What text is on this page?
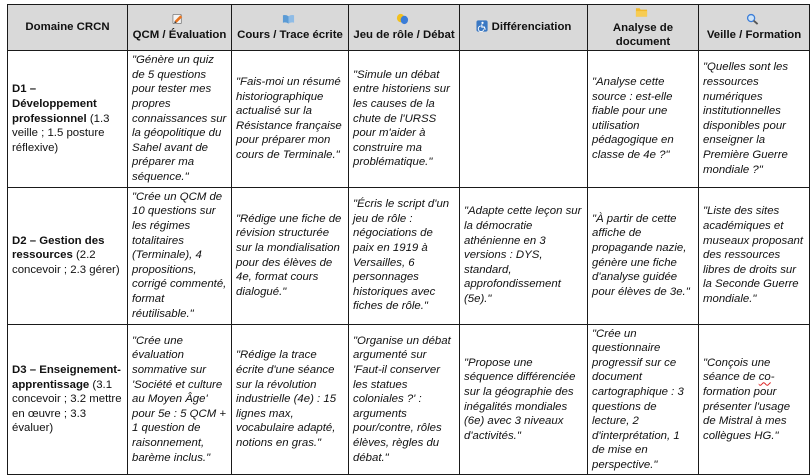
Domaine CRCN	QCM / Évaluation	Cours / Trace écrite	Jeu de rôle / Débat	Différenciation	Analyse de document	Veille / Formation
D1 – Développement professionnel (1.3 veille ; 1.5 posture réflexive)	"Génère un quiz de 5 questions pour tester mes propres connaissances sur la géopolitique du Sahel avant de préparer ma séquence."	"Fais-moi un résumé historiographique actualisé sur la Résistance française pour préparer mon cours de Terminale."	"Simule un débat entre historiens sur les causes de la chute de l'URSS pour m'aider à construire ma problématique."		"Analyse cette source : est-elle fiable pour une utilisation pédagogique en classe de 4e ?"	"Quelles sont les ressources numériques institutionnelles disponibles pour enseigner la Première Guerre mondiale ?"
D2 – Gestion des ressources (2.2 concevoir ; 2.3 gérer)	"Crée un QCM de 10 questions sur les régimes totalitaires (Terminale), 4 propositions, corrigé commenté, format réutilisable."	"Rédige une fiche de révision structurée sur la mondialisation pour des élèves de 4e, format cours dialogué."	"Écris le script d'un jeu de rôle : négociations de paix en 1919 à Versailles, 6 personnages historiques avec fiches de rôle."	"Adapte cette leçon sur la démocratie athénienne en 3 versions : DYS, standard, approfondissement (5e)."	"À partir de cette affiche de propagande nazie, génère une fiche d'analyse guidée pour élèves de 3e."	"Liste des sites académiques et museaux proposant des ressources libres de droits sur la Seconde Guerre mondiale."
D3 – Enseignement-apprentissage (3.1 concevoir ; 3.2 mettre en œuvre ; 3.3 évaluer)	"Crée une évaluation sommative sur 'Société et culture au Moyen Âge' pour 5e : 5 QCM + 1 question de raisonnement, barème inclus."	"Rédige la trace écrite d'une séance sur la révolution industrielle (4e) : 15 lignes max, vocabulaire adapté, notions en gras."	"Organise un débat argumenté sur 'Faut-il conserver les statues coloniales ?' : arguments pour/contre, rôles élèves, règles du débat."	"Propose une séquence différenciée sur la géographie des inégalités mondiales (6e) avec 3 niveaux d'activités."	"Crée un questionnaire progressif sur ce document cartographique : 3 questions de lecture, 2 d'interprétation, 1 de mise en perspective."	"Conçois une séance de co-formation pour présenter l'usage de Mistral à mes collègues HG."
